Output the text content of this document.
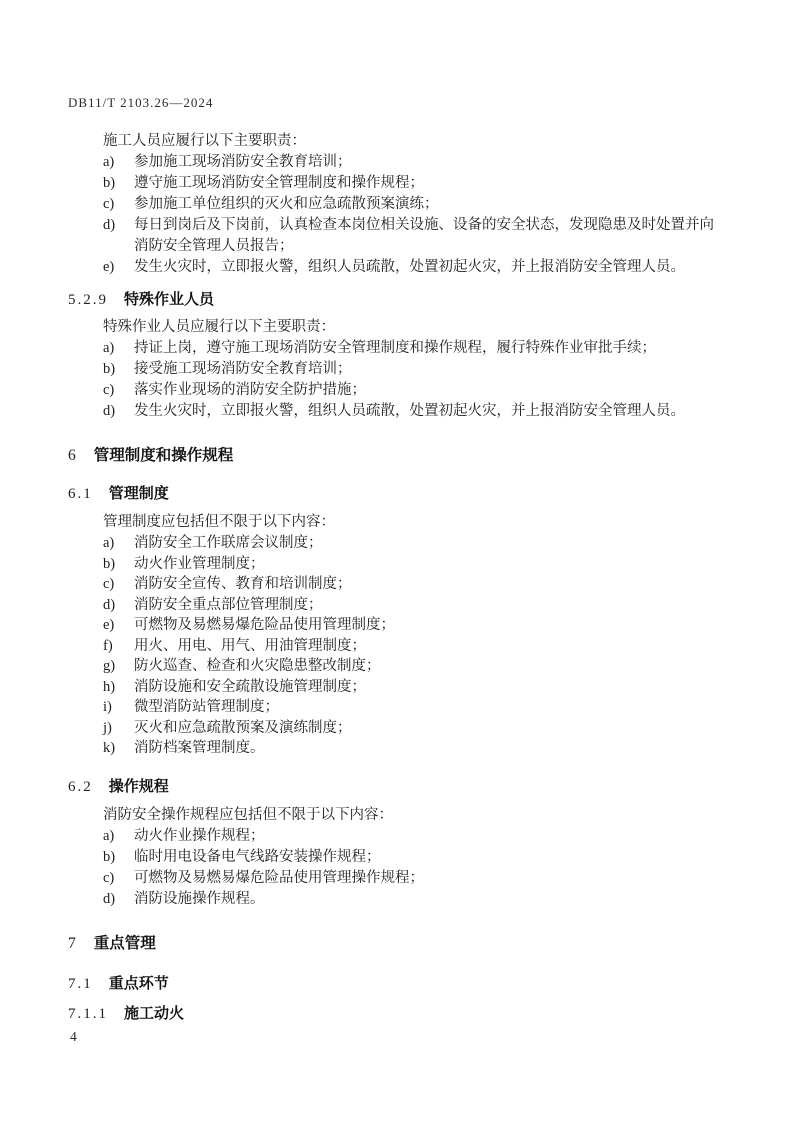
DB11/T 2103.26—2024

施工人员应履行以下主要职责：

a)	参加施工现场消防安全教育培训；
b)	遵守施工现场消防安全管理制度和操作规程；
c)	参加施工单位组织的灭火和应急疏散预案演练；
d)	每日到岗后及下岗前，认真检查本岗位相关设施、设备的安全状态，发现隐患及时处置并向消防安全管理人员报告；
e)	发生火灾时，立即报火警，组织人员疏散，处置初起火灾，并上报消防安全管理人员。
5.2.9 特殊作业人员

特殊作业人员应履行以下主要职责：

a)	持证上岗，遵守施工现场消防安全管理制度和操作规程，履行特殊作业审批手续；
b)	接受施工现场消防安全教育培训；
c)	落实作业现场的消防安全防护措施；
d)	发生火灾时，立即报火警，组织人员疏散，处置初起火灾，并上报消防安全管理人员。
6 管理制度和操作规程
6.1 管理制度

管理制度应包括但不限于以下内容：

a)	消防安全工作联席会议制度；
b)	动火作业管理制度；
c)	消防安全宣传、教育和培训制度；
d)	消防安全重点部位管理制度；
e)	可燃物及易燃易爆危险品使用管理制度；
f)	用火、用电、用气、用油管理制度；
g)	防火巡查、检查和火灾隐患整改制度；
h)	消防设施和安全疏散设施管理制度；
i)	微型消防站管理制度；
j)	灭火和应急疏散预案及演练制度；
k)	消防档案管理制度。
6.2 操作规程

消防安全操作规程应包括但不限于以下内容：

a)	动火作业操作规程；
b)	临时用电设备电气线路安装操作规程；
c)	可燃物及易燃易爆危险品使用管理操作规程；
d)	消防设施操作规程。
7 重点管理
7.1 重点环节
7.1.1 施工动火
4
